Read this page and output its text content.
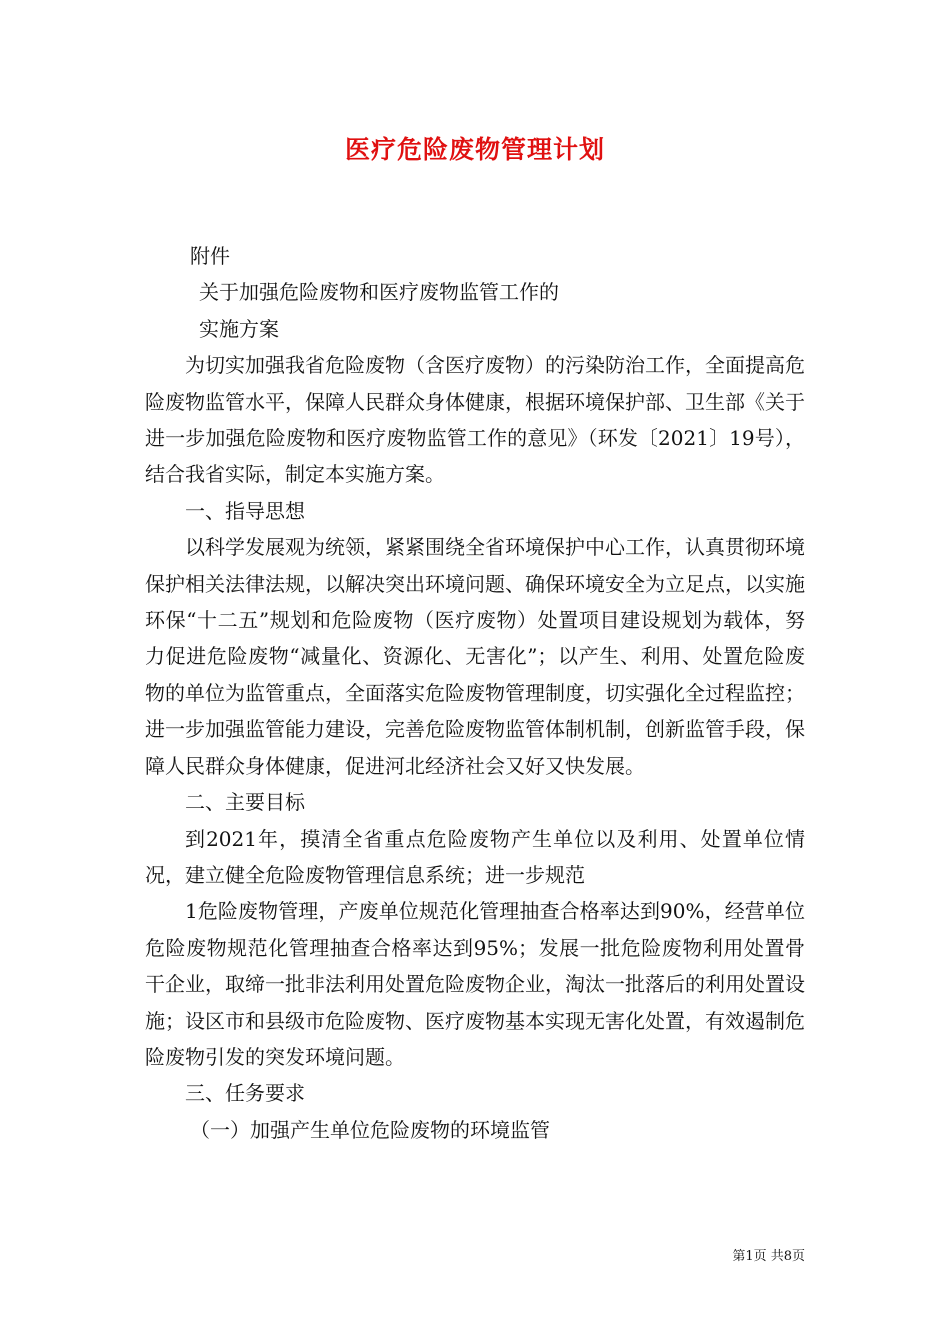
医疗危险废物管理计划

附件

关于加强危险废物和医疗废物监管工作的

实施方案

为切实加强我省危险废物（含医疗废物）的污染防治工作，全面提高危险废物监管水平，保障人民群众身体健康，根据环境保护部、卫生部《关于进一步加强危险废物和医疗废物监管工作的意见》（环发〔2021〕19号），结合我省实际，制定本实施方案。

一、指导思想

以科学发展观为统领，紧紧围绕全省环境保护中心工作，认真贯彻环境保护相关法律法规，以解决突出环境问题、确保环境安全为立足点，以实施环保“十二五”规划和危险废物（医疗废物）处置项目建设规划为载体，努力促进危险废物“减量化、资源化、无害化”；以产生、利用、处置危险废物的单位为监管重点，全面落实危险废物管理制度，切实强化全过程监控；进一步加强监管能力建设，完善危险废物监管体制机制，创新监管手段，保障人民群众身体健康，促进河北经济社会又好又快发展。

二、主要目标

到2021年，摸清全省重点危险废物产生单位以及利用、处置单位情况，建立健全危险废物管理信息系统；进一步规范

1危险废物管理，产废单位规范化管理抽查合格率达到90%，经营单位危险废物规范化管理抽查合格率达到95%；发展一批危险废物利用处置骨干企业，取缔一批非法利用处置危险废物企业，淘汰一批落后的利用处置设施；设区市和县级市危险废物、医疗废物基本实现无害化处置，有效遏制危险废物引发的突发环境问题。

三、任务要求

（一）加强产生单位危险废物的环境监管

第1页 共8页
